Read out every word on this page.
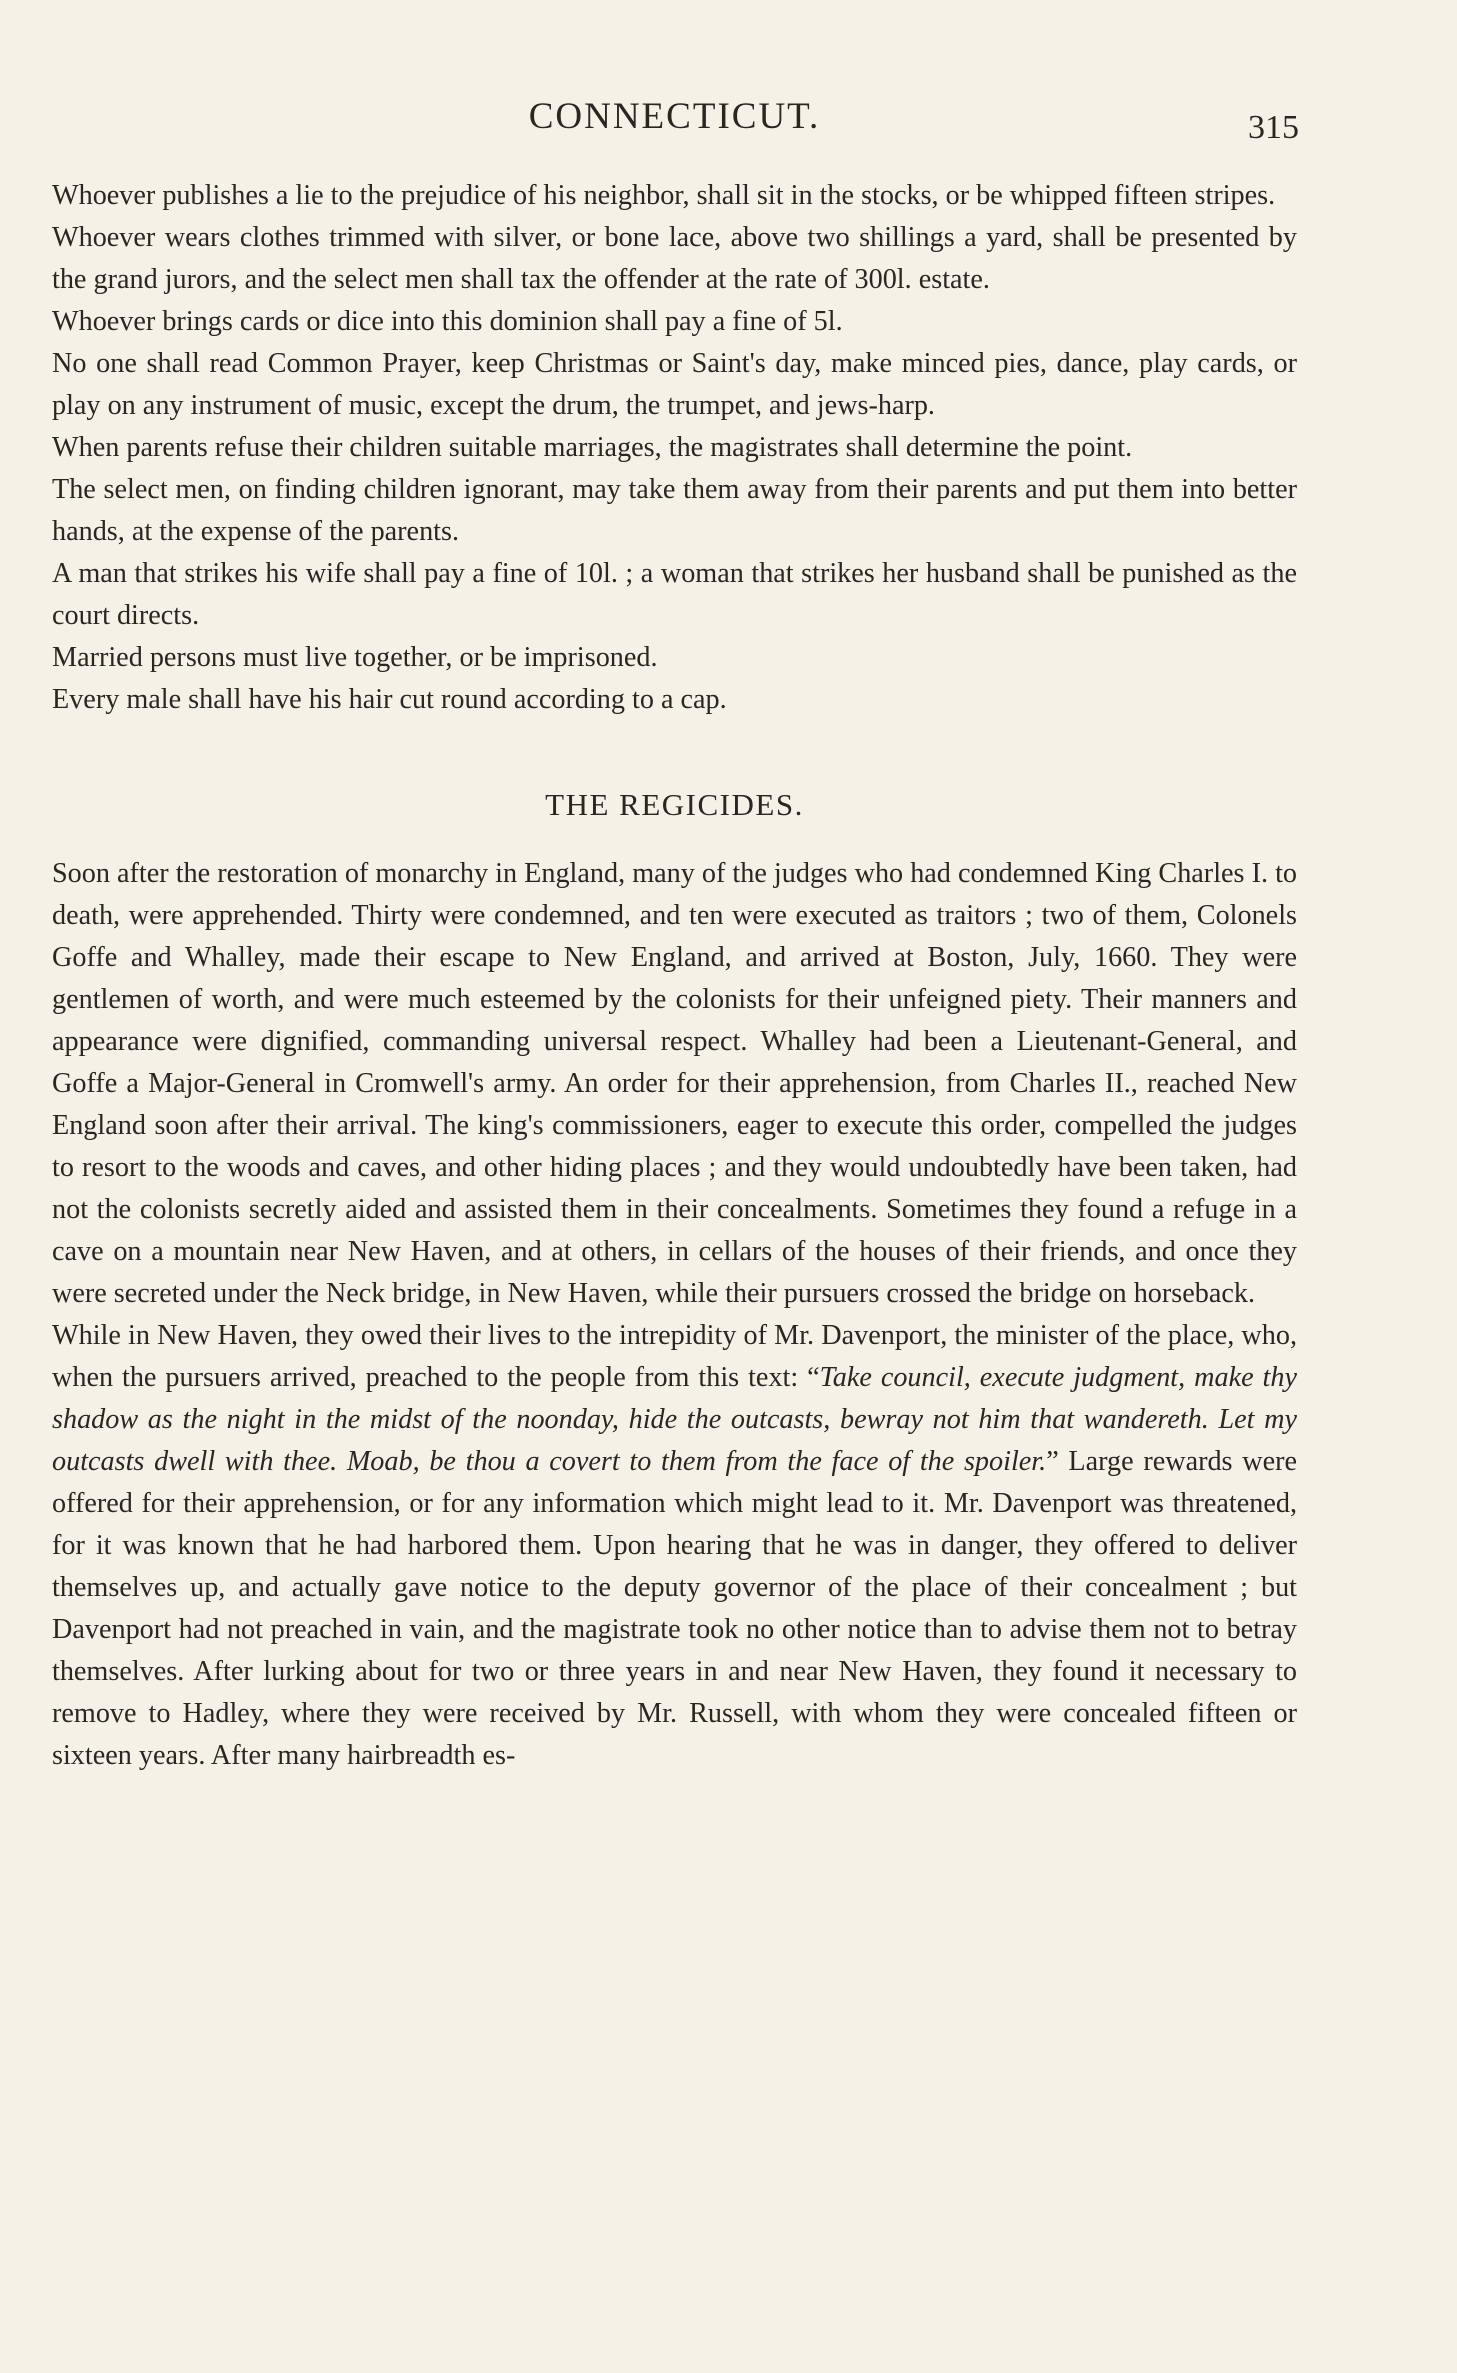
CONNECTICUT.	315

Whoever publishes a lie to the prejudice of his neighbor, shall sit in the stocks, or be whipped fifteen stripes.

Whoever wears clothes trimmed with silver, or bone lace, above two shillings a yard, shall be presented by the grand jurors, and the select men shall tax the offender at the rate of 300l. estate.

Whoever brings cards or dice into this dominion shall pay a fine of 5l.

No one shall read Common Prayer, keep Christmas or Saint's day, make minced pies, dance, play cards, or play on any instrument of music, except the drum, the trumpet, and jews-harp.

When parents refuse their children suitable marriages, the magistrates shall determine the point.

The select men, on finding children ignorant, may take them away from their parents and put them into better hands, at the expense of the parents.

A man that strikes his wife shall pay a fine of 10l. ; a woman that strikes her husband shall be punished as the court directs.

Married persons must live together, or be imprisoned.

Every male shall have his hair cut round according to a cap.

THE REGICIDES.

Soon after the restoration of monarchy in England, many of the judges who had condemned King Charles I. to death, were apprehended. Thirty were condemned, and ten were executed as traitors ; two of them, Colonels Goffe and Whalley, made their escape to New England, and arrived at Boston, July, 1660. They were gentlemen of worth, and were much esteemed by the colonists for their unfeigned piety. Their manners and appearance were dignified, commanding universal respect. Whalley had been a Lieutenant-General, and Goffe a Major-General in Cromwell's army. An order for their apprehension, from Charles II., reached New England soon after their arrival. The king's commissioners, eager to execute this order, compelled the judges to resort to the woods and caves, and other hiding places ; and they would undoubtedly have been taken, had not the colonists secretly aided and assisted them in their concealments. Sometimes they found a refuge in a cave on a mountain near New Haven, and at others, in cellars of the houses of their friends, and once they were secreted under the Neck bridge, in New Haven, while their pursuers crossed the bridge on horseback.

While in New Haven, they owed their lives to the intrepidity of Mr. Davenport, the minister of the place, who, when the pursuers arrived, preached to the people from this text: “Take council, execute judgment, make thy shadow as the night in the midst of the noonday, hide the outcasts, bewray not him that wandereth. Let my outcasts dwell with thee. Moab, be thou a covert to them from the face of the spoiler.” Large rewards were offered for their apprehension, or for any information which might lead to it. Mr. Davenport was threatened, for it was known that he had harbored them. Upon hearing that he was in danger, they offered to deliver themselves up, and actually gave notice to the deputy governor of the place of their concealment ; but Davenport had not preached in vain, and the magistrate took no other notice than to advise them not to betray themselves. After lurking about for two or three years in and near New Haven, they found it necessary to remove to Hadley, where they were received by Mr. Russell, with whom they were concealed fifteen or sixteen years. After many hairbreadth es-
